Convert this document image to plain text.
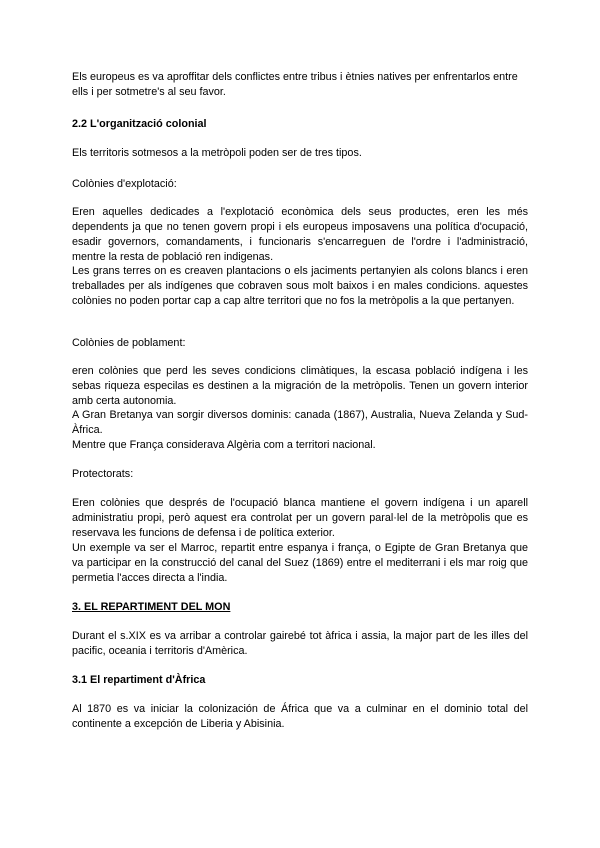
Els europeus es va aproffitar dels conflictes entre tribus i ètnies natives per enfrentarlos entre ells i per sotmetre's al seu favor.

2.2 L'organització colonial

Els territoris sotmesos a la metròpoli poden ser de tres tipos.

Colònies d'explotació:

Eren aquelles dedicades a l'explotació econòmica dels seus productes, eren les més dependents ja que no tenen govern propi i els europeus imposavens una política d'ocupació, esadir governors, comandaments, i funcionaris s'encarreguen de l'ordre i l'administració, mentre la resta de població ren indigenas.

Les grans terres on es creaven plantacions o els jaciments pertanyien als colons blancs i eren treballades per als indígenes que cobraven sous molt baixos i en males condicions. aquestes colònies no poden portar cap a cap altre territori que no fos la metròpolis a la que pertanyen.

Colònies de poblament:

eren colònies que perd les seves condicions climàtiques, la escasa població indígena i les sebas riqueza especilas es destinen a la migración de la metròpolis. Tenen un govern interior amb certa autonomia.

A Gran Bretanya van sorgir diversos dominis: canada (1867), Australia, Nueva Zelanda y Sud-Àfrica.

Mentre que França considerava Algèria com a territori nacional.

Protectorats:

Eren colònies que després de l'ocupació blanca mantiene el govern indígena i un aparell administratiu propi, però aquest era controlat per un govern paral·lel de la metròpolis que es reservava les funcions de defensa i de política exterior.

Un exemple va ser el Marroc, repartit entre espanya i frança, o Egipte de Gran Bretanya que va participar en la construcció del canal del Suez (1869) entre el mediterrani i els mar roig que permetia l'acces directa a l'india.

3. EL REPARTIMENT DEL MON

Durant el s.XIX es va arribar a controlar gairebé tot àfrica i assia, la major part de les illes del pacific, oceania i territoris d'Amèrica.

3.1 El repartiment d'Àfrica

Al 1870 es va iniciar la colonización de África que va a culminar en el dominio total del continente a excepción de Liberia y Abisinia.
